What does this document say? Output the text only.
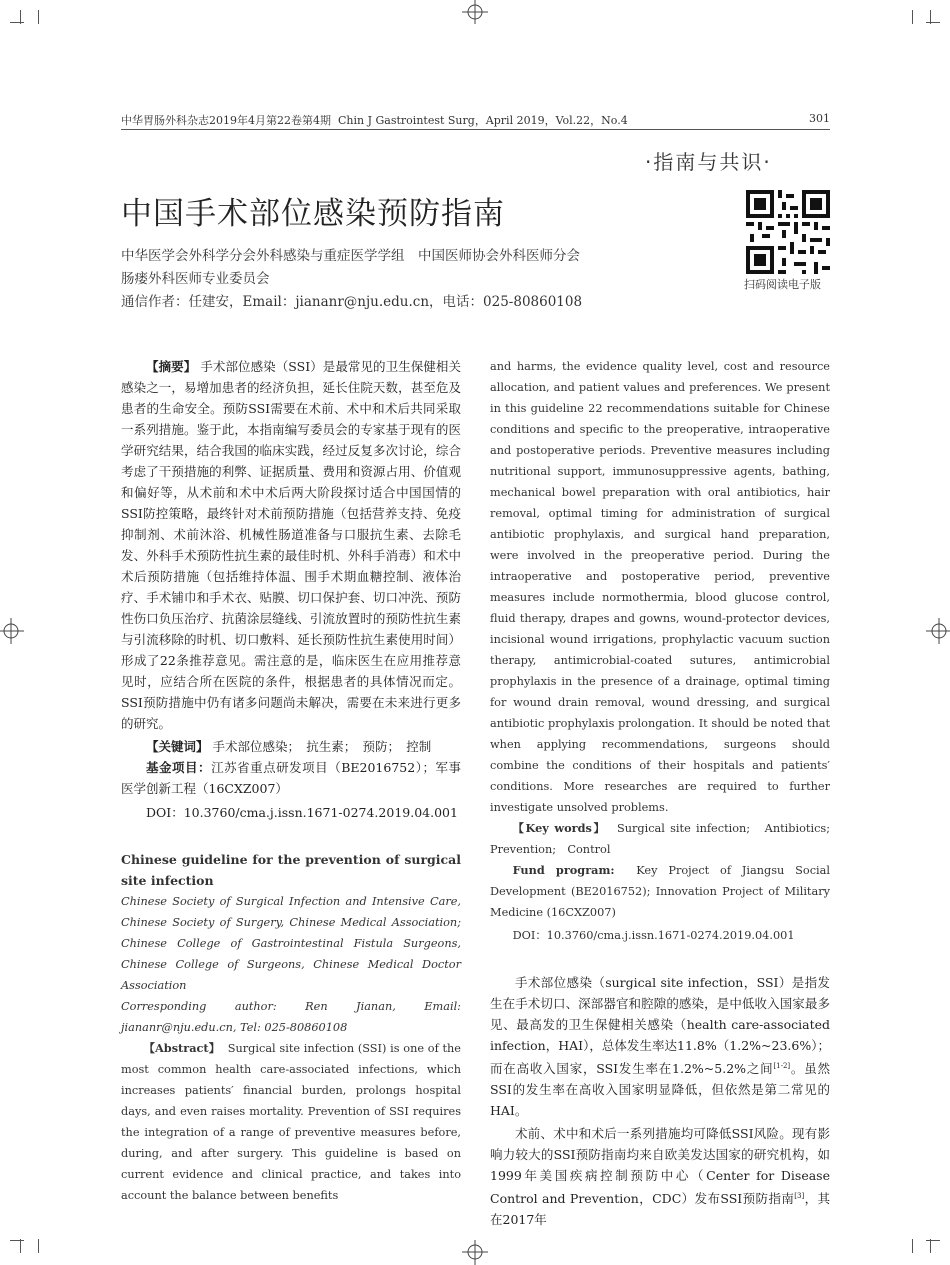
中华胃肠外科杂志2019年4月第22卷第4期 Chin J Gastrointest Surg，April 2019，Vol.22，No.4	301
·指南与共识·
中国手术部位感染预防指南
扫码阅读电子版
中华医学会外科学分会外科感染与重症医学学组　中国医师协会外科医师分会
肠瘘外科医师专业委员会
通信作者：任建安，Email：jiananr@nju.edu.cn，电话：025-80860108

【摘要】 手术部位感染（SSI）是最常见的卫生保健相关感染之一，易增加患者的经济负担，延长住院天数，甚至危及患者的生命安全。预防SSI需要在术前、术中和术后共同采取一系列措施。鉴于此，本指南编写委员会的专家基于现有的医学研究结果，结合我国的临床实践，经过反复多次讨论，综合考虑了干预措施的利弊、证据质量、费用和资源占用、价值观和偏好等，从术前和术中术后两大阶段探讨适合中国国情的SSI防控策略，最终针对术前预防措施（包括营养支持、免疫抑制剂、术前沐浴、机械性肠道准备与口服抗生素、去除毛发、外科手术预防性抗生素的最佳时机、外科手消毒）和术中术后预防措施（包括维持体温、围手术期血糖控制、液体治疗、手术铺巾和手术衣、贴膜、切口保护套、切口冲洗、预防性伤口负压治疗、抗菌涂层缝线、引流放置时的预防性抗生素与引流移除的时机、切口敷料、延长预防性抗生素使用时间）形成了22条推荐意见。需注意的是，临床医生在应用推荐意见时，应结合所在医院的条件，根据患者的具体情况而定。SSI预防措施中仍有诸多问题尚未解决，需要在未来进行更多的研究。

【关键词】 手术部位感染；　抗生素；　预防；　控制

基金项目：江苏省重点研发项目（BE2016752）；军事医学创新工程（16CXZ007）

DOI：10.3760/cma.j.issn.1671-0274.2019.04.001

Chinese guideline for the prevention of surgical site infection

Chinese Society of Surgical Infection and Intensive Care, Chinese Society of Surgery, Chinese Medical Association; Chinese College of Gastrointestinal Fistula Surgeons, Chinese College of Surgeons, Chinese Medical Doctor Association

Corresponding author: Ren Jianan, Email: jiananr@nju.edu.cn, Tel: 025-80860108

【Abstract】 Surgical site infection (SSI) is one of the most common health care-associated infections, which increases patients′ financial burden, prolongs hospital days, and even raises mortality. Prevention of SSI requires the integration of a range of preventive measures before, during, and after surgery. This guideline is based on current evidence and clinical practice, and takes into account the balance between benefits

and harms, the evidence quality level, cost and resource allocation, and patient values and preferences. We present in this guideline 22 recommendations suitable for Chinese conditions and specific to the preoperative, intraoperative and postoperative periods. Preventive measures including nutritional support, immunosuppressive agents, bathing, mechanical bowel preparation with oral antibiotics, hair removal, optimal timing for administration of surgical antibiotic prophylaxis, and surgical hand preparation, were involved in the preoperative period. During the intraoperative and postoperative period, preventive measures include normothermia, blood glucose control, fluid therapy, drapes and gowns, wound-protector devices, incisional wound irrigations, prophylactic vacuum suction therapy, antimicrobial-coated sutures, antimicrobial prophylaxis in the presence of a drainage, optimal timing for wound drain removal, wound dressing, and surgical antibiotic prophylaxis prolongation. It should be noted that when applying recommendations, surgeons should combine the conditions of their hospitals and patients′ conditions. More researches are required to further investigate unsolved problems.

【Key words】 Surgical site infection;　Antibiotics; Prevention;　Control

Fund program: Key Project of Jiangsu Social Development (BE2016752); Innovation Project of Military Medicine (16CXZ007)

DOI：10.3760/cma.j.issn.1671-0274.2019.04.001

手术部位感染（surgical site infection，SSI）是指发生在手术切口、深部器官和腔隙的感染，是中低收入国家最多见、最高发的卫生保健相关感染（health care-associated infection，HAI），总体发生率达11.8%（1.2%~23.6%）；而在高收入国家，SSI发生率在1.2%~5.2%之间[1-2]。虽然SSI的发生率在高收入国家明显降低，但依然是第二常见的HAI。

术前、术中和术后一系列措施均可降低SSI风险。现有影响力较大的SSI预防指南均来自欧美发达国家的研究机构，如1999年美国疾病控制预防中心（Center for Disease Control and Prevention，CDC）发布SSI预防指南[3]，其在2017年
